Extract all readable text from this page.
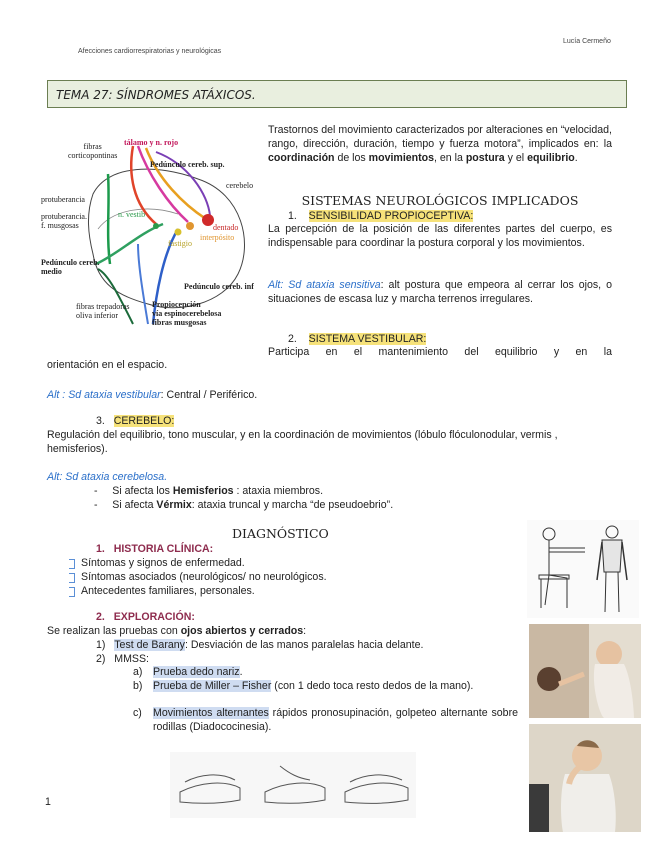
Afecciones cardiorrespiratorias y neurológicas
Lucía Cermeño
TEMA 27: SÍNDROMES ATÁXICOS.
fibras
corticopontinas
tálamo y n. rojo
Pedúnculo cereb. sup.
cerebelo
protuberancia
protuberancia.
f. musgosas
n. vestib
dentado
interpósito
fastigio
Pedúnculo cereb.
medio
Pedúnculo cereb. inf
fibras trepadoras
oliva inferior
Propiocepción
vía espinocerebelosa
fibras musgosas
Trastornos del movimiento caracterizados por alteraciones en “velocidad, rango, dirección, duración, tiempo y fuerza motora”, implicados en: la coordinación de los movimientos, en la postura y el equilibrio.
SISTEMAS NEUROLÓGICOS IMPLICADOS
1. SENSIBILIDAD PROPIOCEPTIVA:
La percepción de la posición de las diferentes partes del cuerpo, es indispensable para coordinar la postura corporal y los movimientos.
Alt: Sd ataxia sensitiva: alt postura que empeora al cerrar los ojos, o situaciones de escasa luz y marcha terrenos irregulares.
2. SISTEMA VESTIBULAR:
Participa en el mantenimiento del equilibrio y en la
orientación en el espacio.
Alt : Sd ataxia vestibular: Central / Periférico.
3. CEREBELO:
Regulación del equilibrio, tono muscular, y en la coordinación de movimientos (lóbulo flóculonodular, vermis , hemisferios).
Alt: Sd ataxia cerebelosa.
-     Si afecta los Hemisferios : ataxia miembros.
-     Si afecta Vérmix: ataxia truncal y marcha “de pseudoebrio”.
DIAGNÓSTICO
1. HISTORIA CLÍNICA:
Síntomas y signos de enfermedad.
Síntomas asociados (neurológicos/ no neurológicos.
Antecedentes familiares, personales.
2. EXPLORACIÓN:
Se realizan las pruebas con ojos abiertos y cerrados:
1) Test de Barany: Desviación de las manos paralelas hacia delante.
2) MMSS:
a) Prueba dedo nariz.
b) Prueba de Miller – Fisher (con 1 dedo toca resto dedos de la mano).
c) Movimientos alternantes rápidos pronosupinación, golpeteo alternante sobre rodillas (Diadococinesia).
1
